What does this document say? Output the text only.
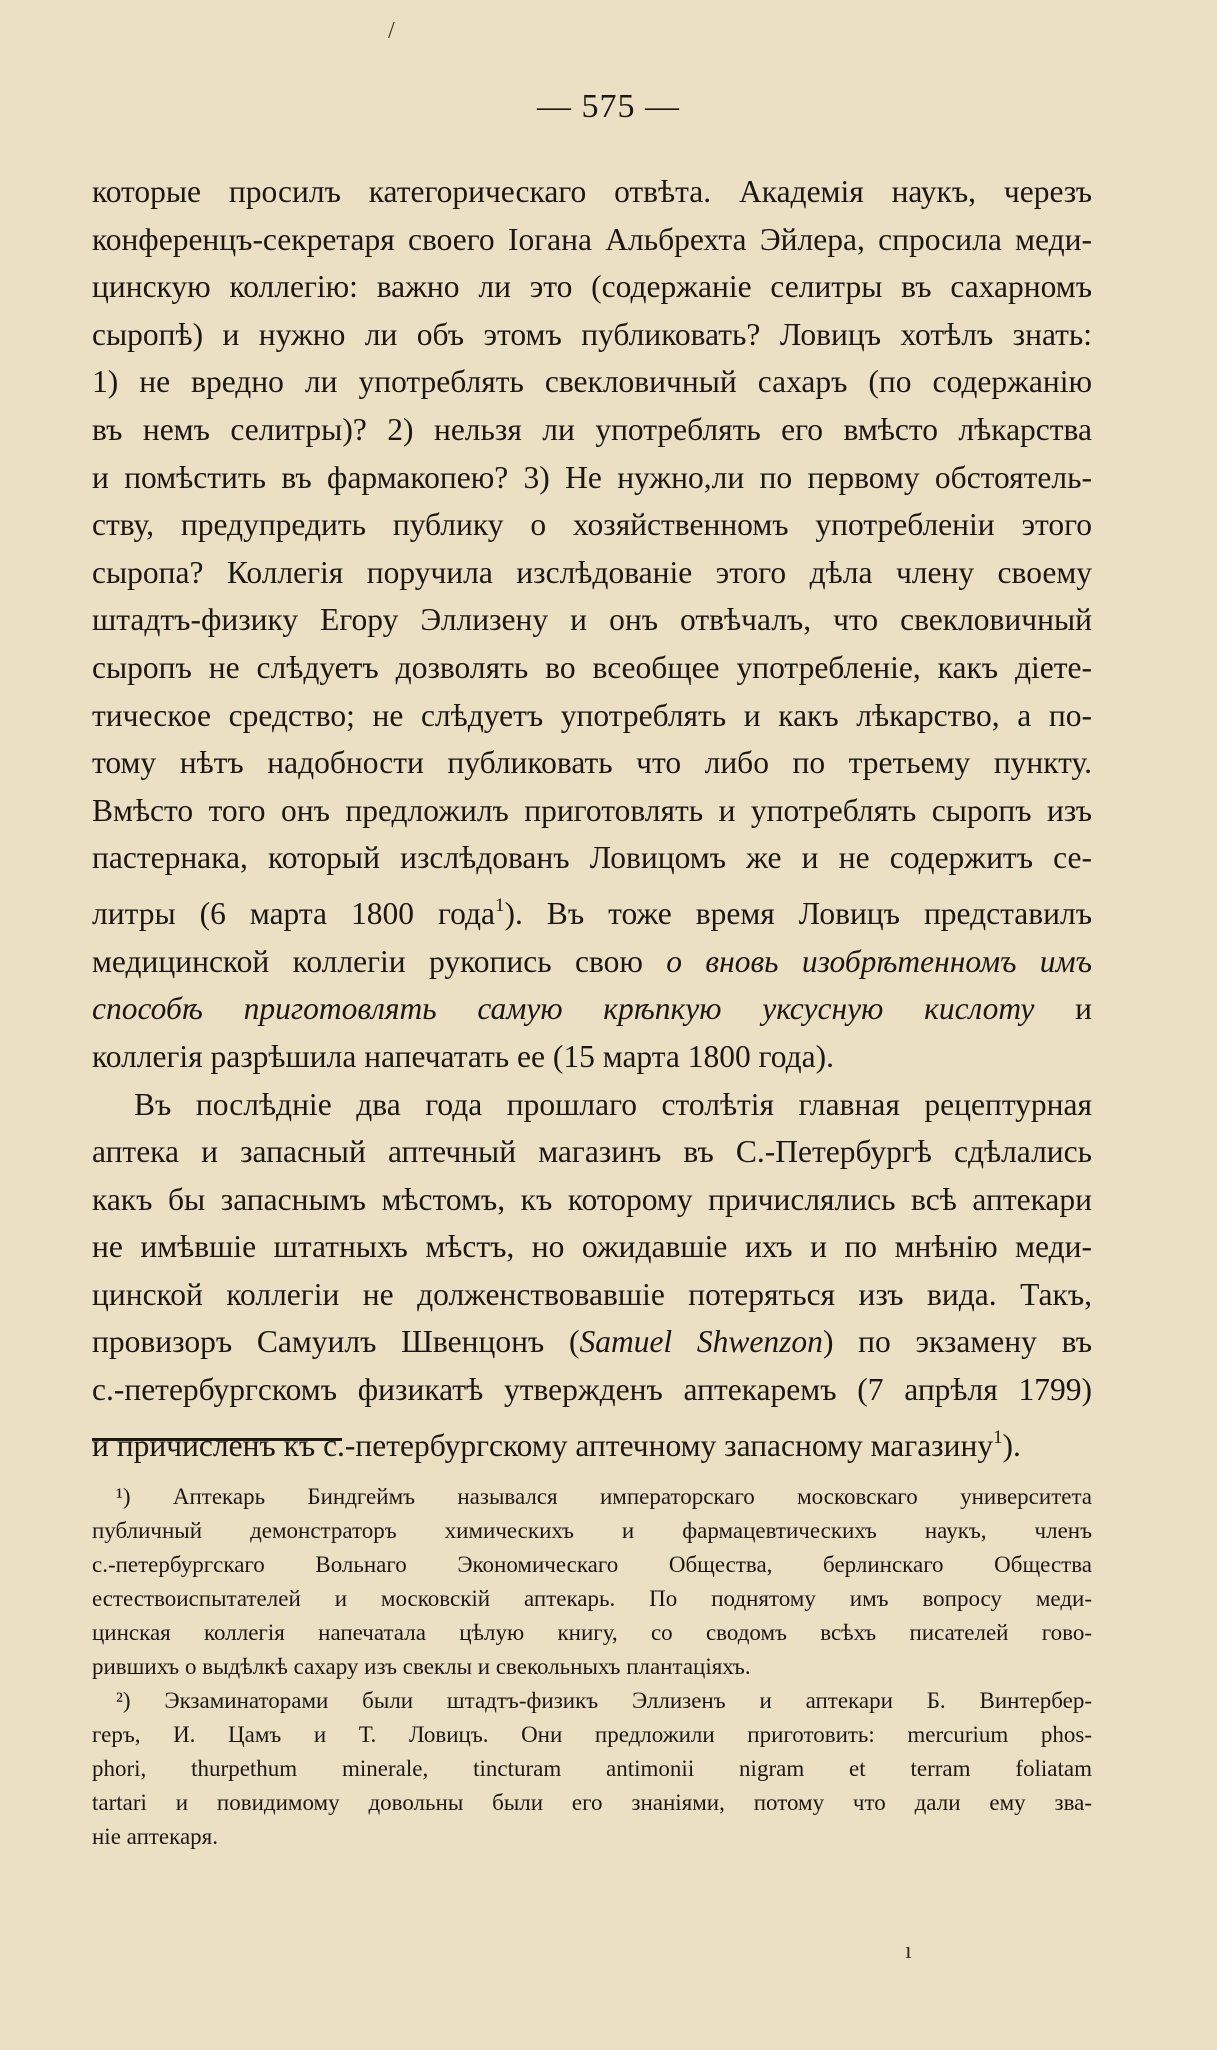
/
— 575 —
которые просилъ категорическаго отвѣта. Академія наукъ, черезъ
конференцъ-секретаря своего Іогана Альбрехта Эйлера, спросила меди-
цинскую коллегію: важно ли это (содержаніе селитры въ сахарномъ
сыропѣ) и нужно ли объ этомъ публиковать? Ловицъ хотѣлъ знать:
1) не вредно ли употреблять свекловичный сахаръ (по содержанію
въ немъ селитры)? 2) нельзя ли употреблять его вмѣсто лѣкарства
и помѣстить въ фармакопею? 3) Не нужно,ли по первому обстоятель-
ству, предупредить публику о хозяйственномъ употребленіи этого
сыропа? Коллегія поручила изслѣдованіе этого дѣла члену своему
штадтъ-физику Егору Эллизену и онъ отвѣчалъ, что свекловичный
сыропъ не слѣдуетъ дозволять во всеобщее употребленіе, какъ діете-
тическое средство; не слѣдуетъ употреблять и какъ лѣкарство, а по-
тому нѣтъ надобности публиковать что либо по третьему пункту.
Вмѣсто того онъ предложилъ приготовлять и употреблять сыропъ изъ
пастернака, который изслѣдованъ Ловицомъ же и не содержитъ се-
литры (6 марта 1800 года$^1$). Въ тоже время Ловицъ представилъ
медицинской коллегіи рукопись свою о вновь изобрѣтенномъ имъ
способѣ приготовлять самую крѣпкую уксусную кислоту и
коллегія разрѣшила напечатать ее (15 марта 1800 года).
Въ послѣдніе два года прошлаго столѣтія главная рецептурная
аптека и запасный аптечный магазинъ въ С.-Петербургѣ сдѣлались
какъ бы запаснымъ мѣстомъ, къ которому причислялись всѣ аптекари
не имѣвшіе штатныхъ мѣстъ, но ожидавшіе ихъ и по мнѣнію меди-
цинской коллегіи не долженствовавшіе потеряться изъ вида. Такъ,
провизоръ Самуилъ Швенцонъ (Samuel Shwenzon) по экзамену въ
с.-петербургскомъ физикатѣ утвержденъ аптекаремъ (7 апрѣля 1799)
и причисленъ къ с.-петербургскому аптечному запасному магазину$^1$).
¹) Аптекарь Биндгеймъ назывался императорскаго московскаго университета
публичный демонстраторъ химическихъ и фармацевтическихъ наукъ, членъ
с.-петербургскаго Вольнаго Экономическаго Общества, берлинскаго Общества
естествоиспытателей и московскій аптекарь. По поднятому имъ вопросу меди-
цинская коллегія напечатала цѣлую книгу, со сводомъ всѣхъ писателей гово-
рившихъ о выдѣлкѣ сахару изъ свеклы и свекольныхъ плантаціяхъ.
²) Экзаминаторами были штадтъ-физикъ Эллизенъ и аптекари Б. Винтербер-
геръ, И. Цамъ и Т. Ловицъ. Они предложили приготовить: mercurium phos-
phori, thurpethum minerale, tincturam antimonii nigram et terram foliatam
tartari и повидимому довольны были его знаніями, потому что дали ему зва-
ніе аптекаря.
ı
